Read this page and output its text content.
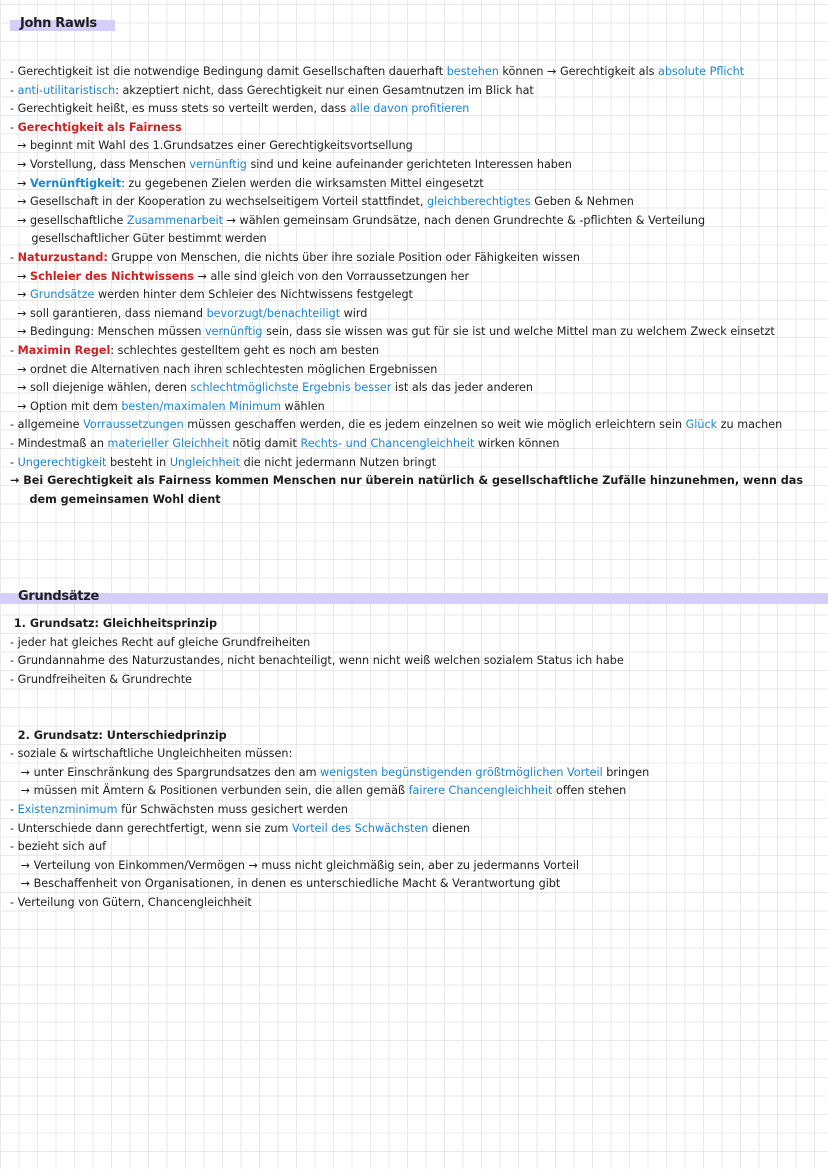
John Rawls
- Gerechtigkeit ist die notwendige Bedingung damit Gesellschaften dauerhaft bestehen können → Gerechtigkeit als absolute Pflicht
- anti-utilitaristisch: akzeptiert nicht, dass Gerechtigkeit nur einen Gesamtnutzen im Blick hat
- Gerechtigkeit heißt, es muss stets so verteilt werden, dass alle davon profitieren
- Gerechtigkeit als Fairness
→ beginnt mit Wahl des 1.Grundsatzes einer Gerechtigkeitsvortsellung
→ Vorstellung, dass Menschen vernünftig sind und keine aufeinander gerichteten Interessen haben
→ Vernünftigkeit: zu gegebenen Zielen werden die wirksamsten Mittel eingesetzt
→ Gesellschaft in der Kooperation zu wechselseitigem Vorteil stattfindet, gleichberechtigtes Geben & Nehmen
→ gesellschaftliche Zusammenarbeit → wählen gemeinsam Grundsätze, nach denen Grundrechte & -pflichten & Verteilung
gesellschaftlicher Güter bestimmt werden
- Naturzustand: Gruppe von Menschen, die nichts über ihre soziale Position oder Fähigkeiten wissen
→ Schleier des Nichtwissens → alle sind gleich von den Vorraussetzungen her
→ Grundsätze werden hinter dem Schleier des Nichtwissens festgelegt
→ soll garantieren, dass niemand bevorzugt/benachteiligt wird
→ Bedingung: Menschen müssen vernünftig sein, dass sie wissen was gut für sie ist und welche Mittel man zu welchem Zweck einsetzt
- Maximin Regel: schlechtes gestelltem geht es noch am besten
→ ordnet die Alternativen nach ihren schlechtesten möglichen Ergebnissen
→ soll diejenige wählen, deren schlechtmöglichste Ergebnis besser ist als das jeder anderen
→ Option mit dem besten/maximalen Minimum wählen
- allgemeine Vorraussetzungen müssen geschaffen werden, die es jedem einzelnen so weit wie möglich erleichtern sein Glück zu machen
- Mindestmaß an materieller Gleichheit nötig damit Rechts- und Chancengleichheit wirken können
- Ungerechtigkeit besteht in Ungleichheit die nicht jedermann Nutzen bringt
→ Bei Gerechtigkeit als Fairness kommen Menschen nur überein natürlich & gesellschaftliche Zufälle hinzunehmen, wenn das
dem gemeinsamen Wohl dient
Grundsätze
1. Grundsatz: Gleichheitsprinzip
- jeder hat gleiches Recht auf gleiche Grundfreiheiten
- Grundannahme des Naturzustandes, nicht benachteiligt, wenn nicht weiß welchen sozialem Status ich habe
- Grundfreiheiten & Grundrechte
2. Grundsatz: Unterschiedprinzip
- soziale & wirtschaftliche Ungleichheiten müssen:
→ unter Einschränkung des Spargrundsatzes den am wenigsten begünstigenden größtmöglichen Vorteil bringen
→ müssen mit Ämtern & Positionen verbunden sein, die allen gemäß fairere Chancengleichheit offen stehen
- Existenzminimum für Schwächsten muss gesichert werden
- Unterschiede dann gerechtfertigt, wenn sie zum Vorteil des Schwächsten dienen
- bezieht sich auf
→ Verteilung von Einkommen/Vermögen → muss nicht gleichmäßig sein, aber zu jedermanns Vorteil
→ Beschaffenheit von Organisationen, in denen es unterschiedliche Macht & Verantwortung gibt
- Verteilung von Gütern, Chancengleichheit
